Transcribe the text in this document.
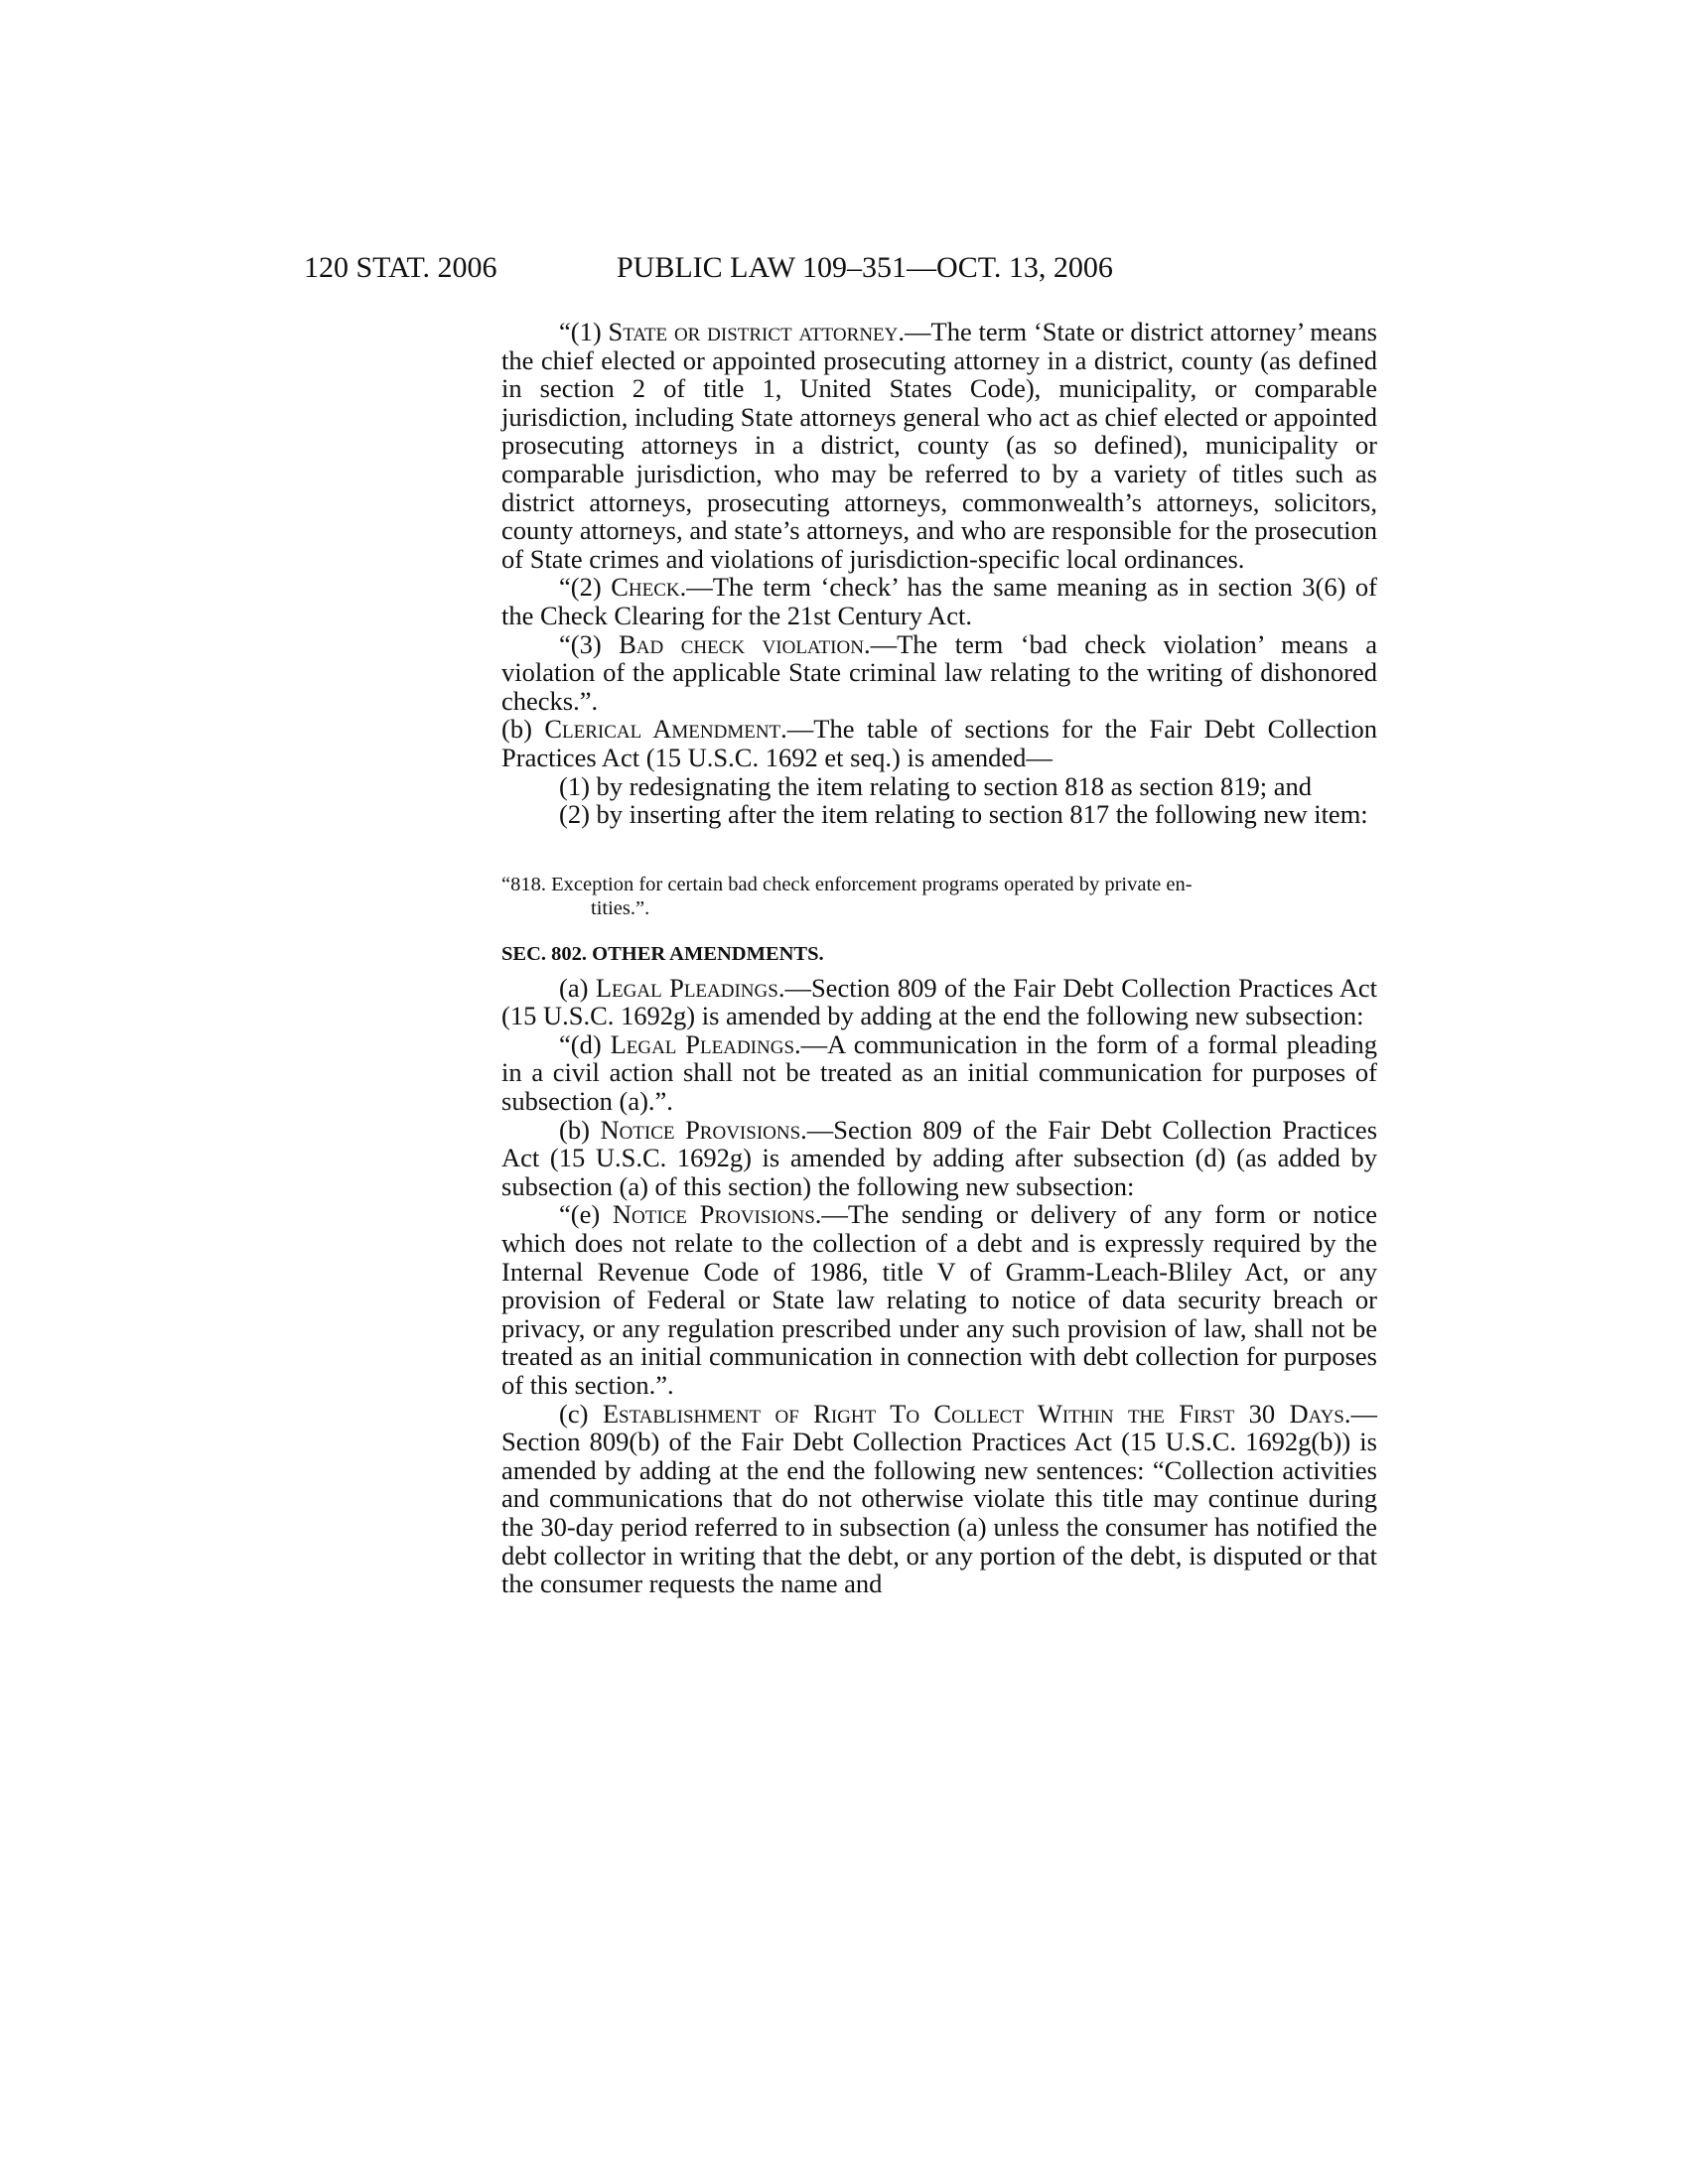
120 STAT. 2006	PUBLIC LAW 109–351—OCT. 13, 2006

“(1) State or district attorney.—The term ‘State or district attorney’ means the chief elected or appointed prosecuting attorney in a district, county (as defined in section 2 of title 1, United States Code), municipality, or comparable jurisdiction, including State attorneys general who act as chief elected or appointed prosecuting attorneys in a district, county (as so defined), municipality or comparable jurisdiction, who may be referred to by a variety of titles such as district attorneys, prosecuting attorneys, commonwealth’s attorneys, solicitors, county attorneys, and state’s attorneys, and who are responsible for the prosecution of State crimes and violations of jurisdiction-specific local ordinances.

“(2) Check.—The term ‘check’ has the same meaning as in section 3(6) of the Check Clearing for the 21st Century Act.

“(3) Bad check violation.—The term ‘bad check violation’ means a violation of the applicable State criminal law relating to the writing of dishonored checks.”.

(b) Clerical Amendment.—The table of sections for the Fair Debt Collection Practices Act (15 U.S.C. 1692 et seq.) is amended—

(1) by redesignating the item relating to section 818 as section 819; and

(2) by inserting after the item relating to section 817 the following new item:

“818. Exception for certain bad check enforcement programs operated by private en-
tities.”.

SEC. 802. OTHER AMENDMENTS.

(a) Legal Pleadings.—Section 809 of the Fair Debt Collection Practices Act (15 U.S.C. 1692g) is amended by adding at the end the following new subsection:

“(d) Legal Pleadings.—A communication in the form of a formal pleading in a civil action shall not be treated as an initial communication for purposes of subsection (a).”.

(b) Notice Provisions.—Section 809 of the Fair Debt Collection Practices Act (15 U.S.C. 1692g) is amended by adding after subsection (d) (as added by subsection (a) of this section) the following new subsection:

“(e) Notice Provisions.—The sending or delivery of any form or notice which does not relate to the collection of a debt and is expressly required by the Internal Revenue Code of 1986, title V of Gramm-Leach-Bliley Act, or any provision of Federal or State law relating to notice of data security breach or privacy, or any regulation prescribed under any such provision of law, shall not be treated as an initial communication in connection with debt collection for purposes of this section.”.

(c) Establishment of Right To Collect Within the First 30 Days.—Section 809(b) of the Fair Debt Collection Practices Act (15 U.S.C. 1692g(b)) is amended by adding at the end the following new sentences: “Collection activities and communications that do not otherwise violate this title may continue during the 30-day period referred to in subsection (a) unless the consumer has notified the debt collector in writing that the debt, or any portion of the debt, is disputed or that the consumer requests the name and
